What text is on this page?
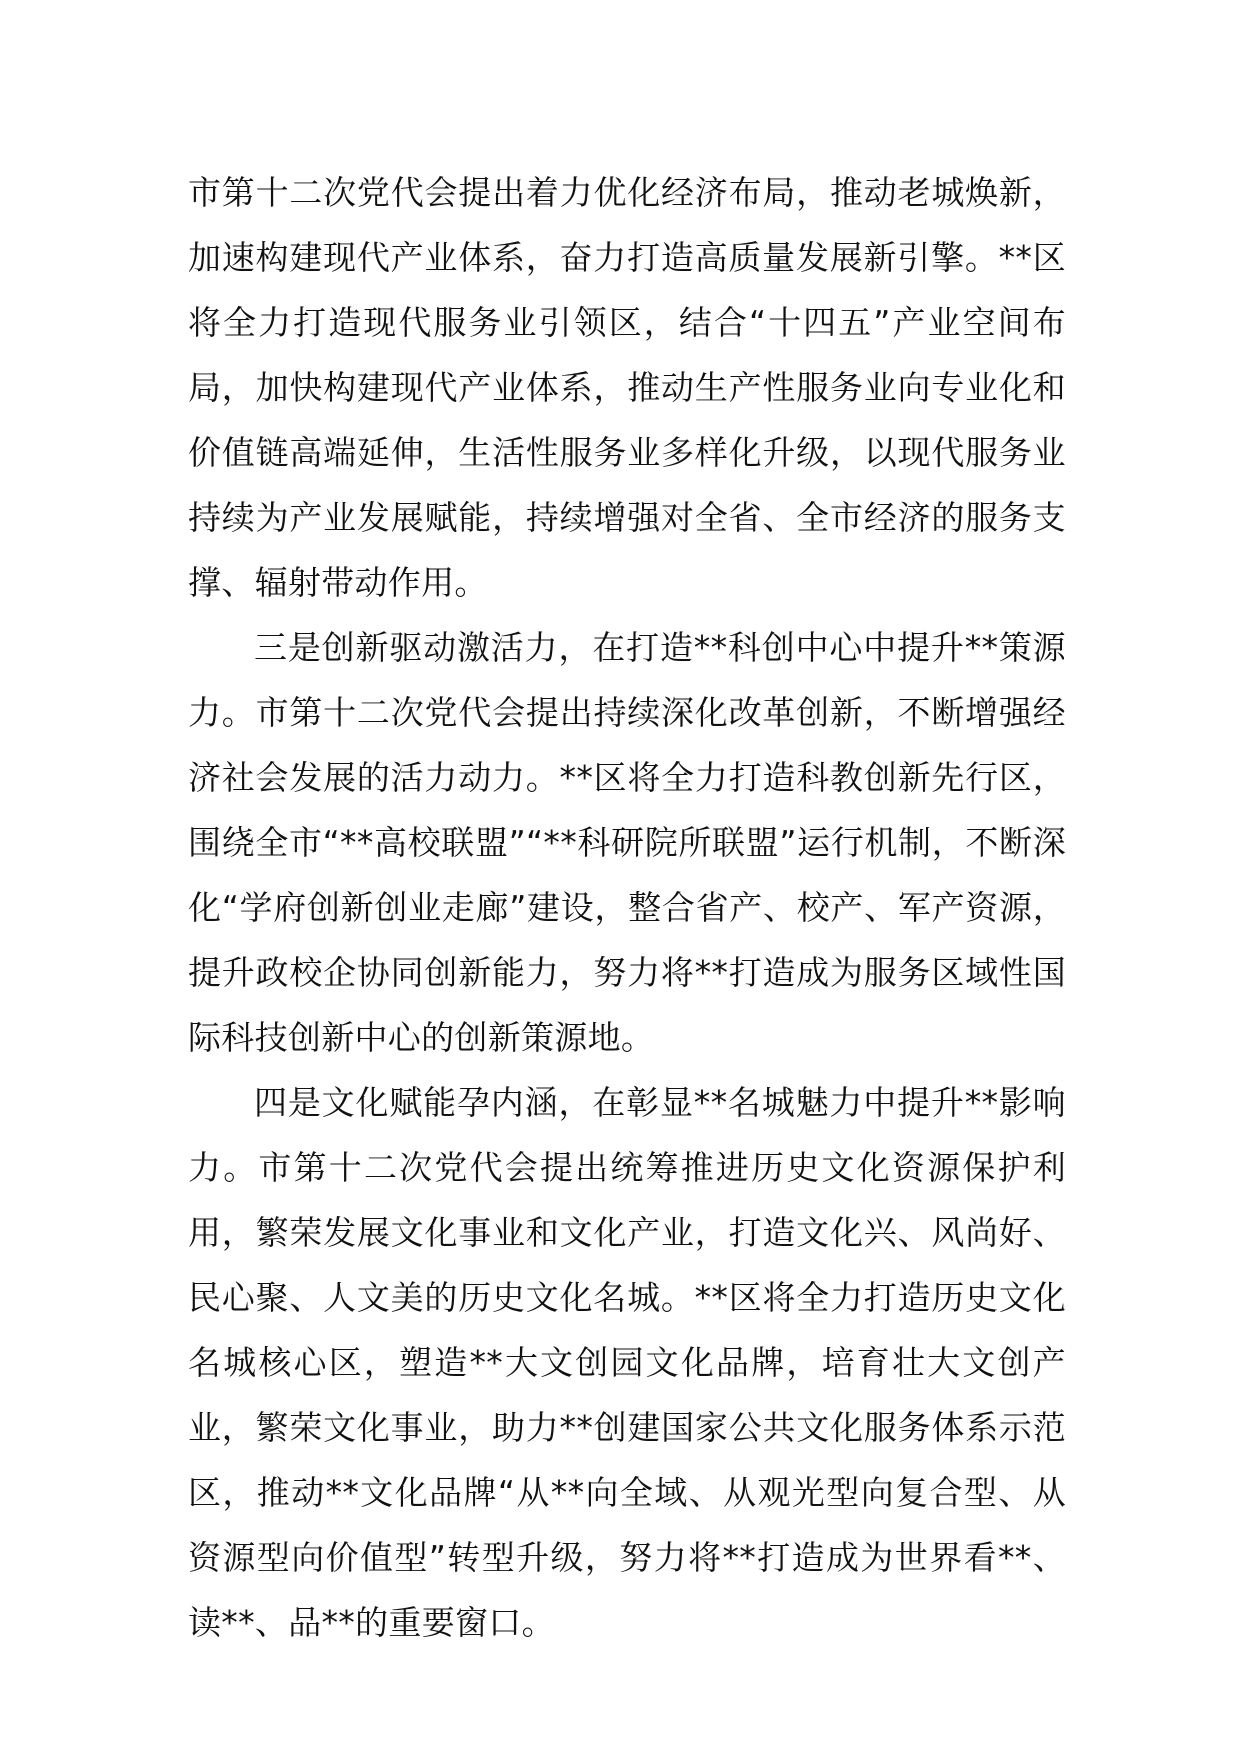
市第十二次党代会提出着力优化经济布局，推动老城焕新，加速构建现代产业体系，奋力打造高质量发展新引擎。**区将全力打造现代服务业引领区，结合“十四五”产业空间布局，加快构建现代产业体系，推动生产性服务业向专业化和价值链高端延伸，生活性服务业多样化升级，以现代服务业持续为产业发展赋能，持续增强对全省、全市经济的服务支撑、辐射带动作用。

三是创新驱动激活力，在打造**科创中心中提升**策源力。市第十二次党代会提出持续深化改革创新，不断增强经济社会发展的活力动力。**区将全力打造科教创新先行区，围绕全市“**高校联盟”“**科研院所联盟”运行机制，不断深化“学府创新创业走廊”建设，整合省产、校产、军产资源，提升政校企协同创新能力，努力将**打造成为服务区域性国际科技创新中心的创新策源地。

四是文化赋能孕内涵，在彰显**名城魅力中提升**影响力。市第十二次党代会提出统筹推进历史文化资源保护利用，繁荣发展文化事业和文化产业，打造文化兴、风尚好、民心聚、人文美的历史文化名城。**区将全力打造历史文化名城核心区，塑造**大文创园文化品牌，培育壮大文创产业，繁荣文化事业，助力**创建国家公共文化服务体系示范区，推动**文化品牌“从**向全域、从观光型向复合型、从资源型向价值型”转型升级，努力将**打造成为世界看**、读**、品**的重要窗口。
